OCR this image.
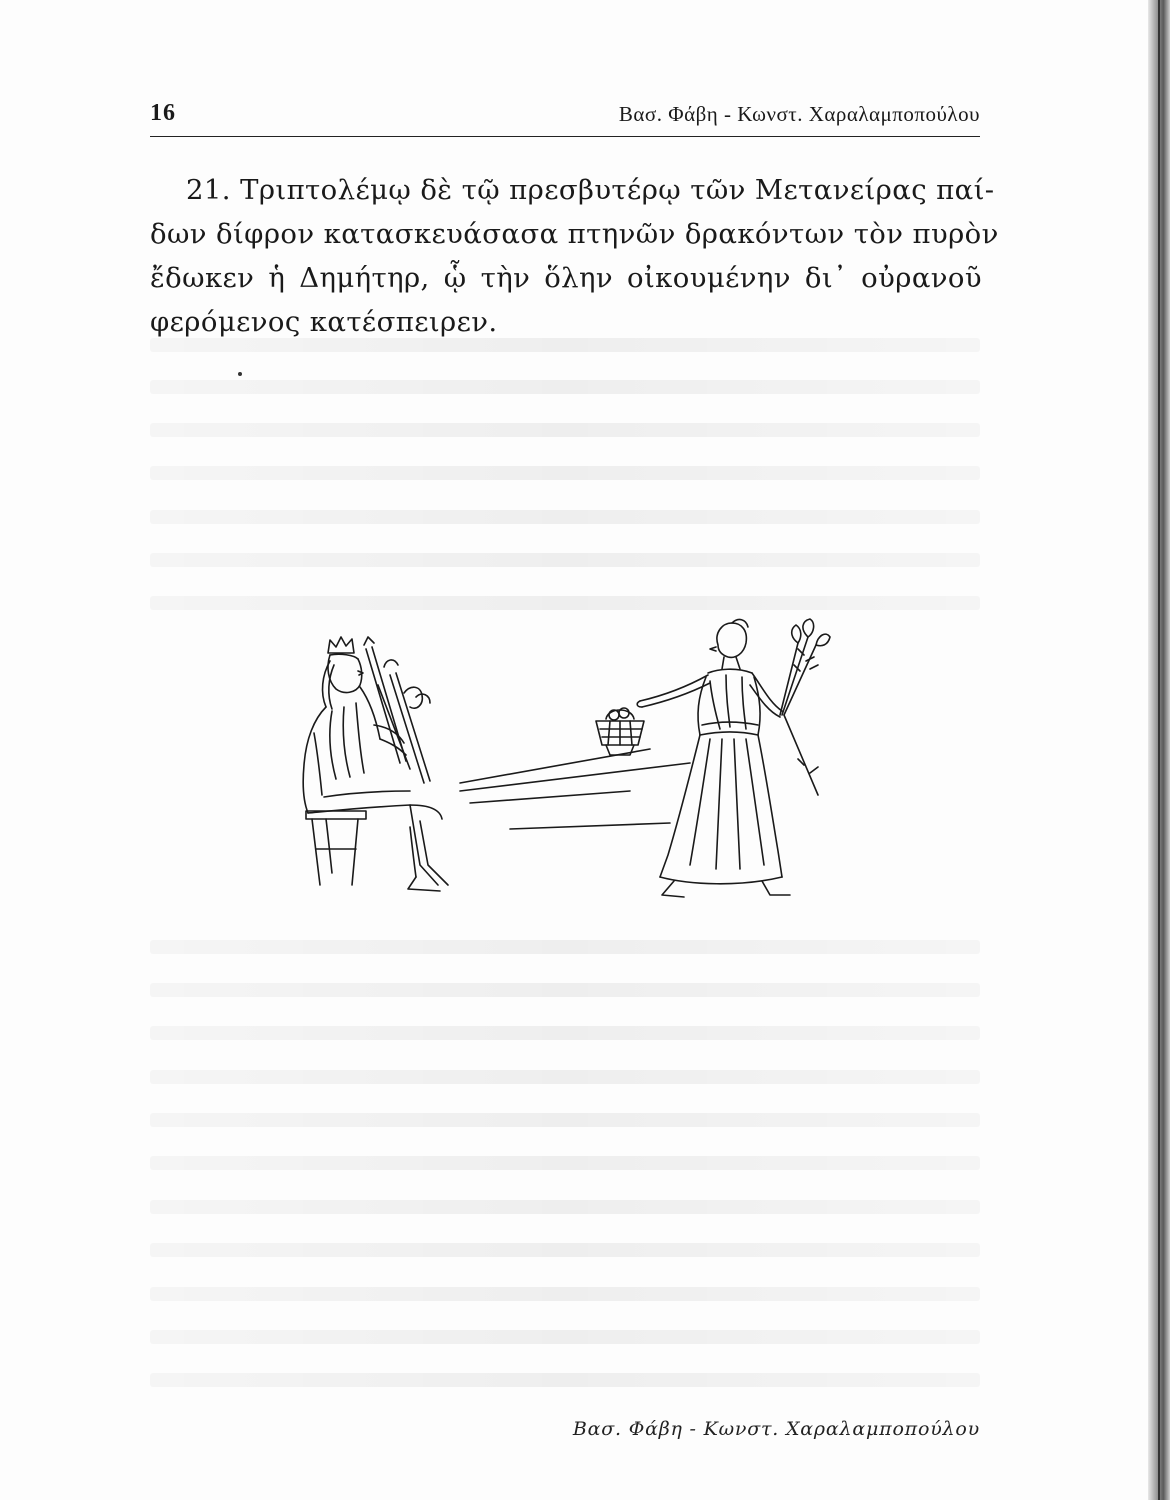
16	Βασ. Φάβη - Κωνστ. Χαραλαμποπούλου
21. Τριπτολέμῳ δὲ τῷ πρεσβυτέρῳ τῶν Μετανείρας παί-
δων δίφρον κατασκευάσασα πτηνῶν δρακόντων τὸν πυρὸν
ἔδωκεν ἡ Δημήτηρ, ᾧ τὴν ὅλην οἰκουμένην δι᾿ οὐρανοῦ
φερόμενος κατέσπειρεν.
Βασ. Φάβη - Κωνστ. Χαραλαμποπούλου
